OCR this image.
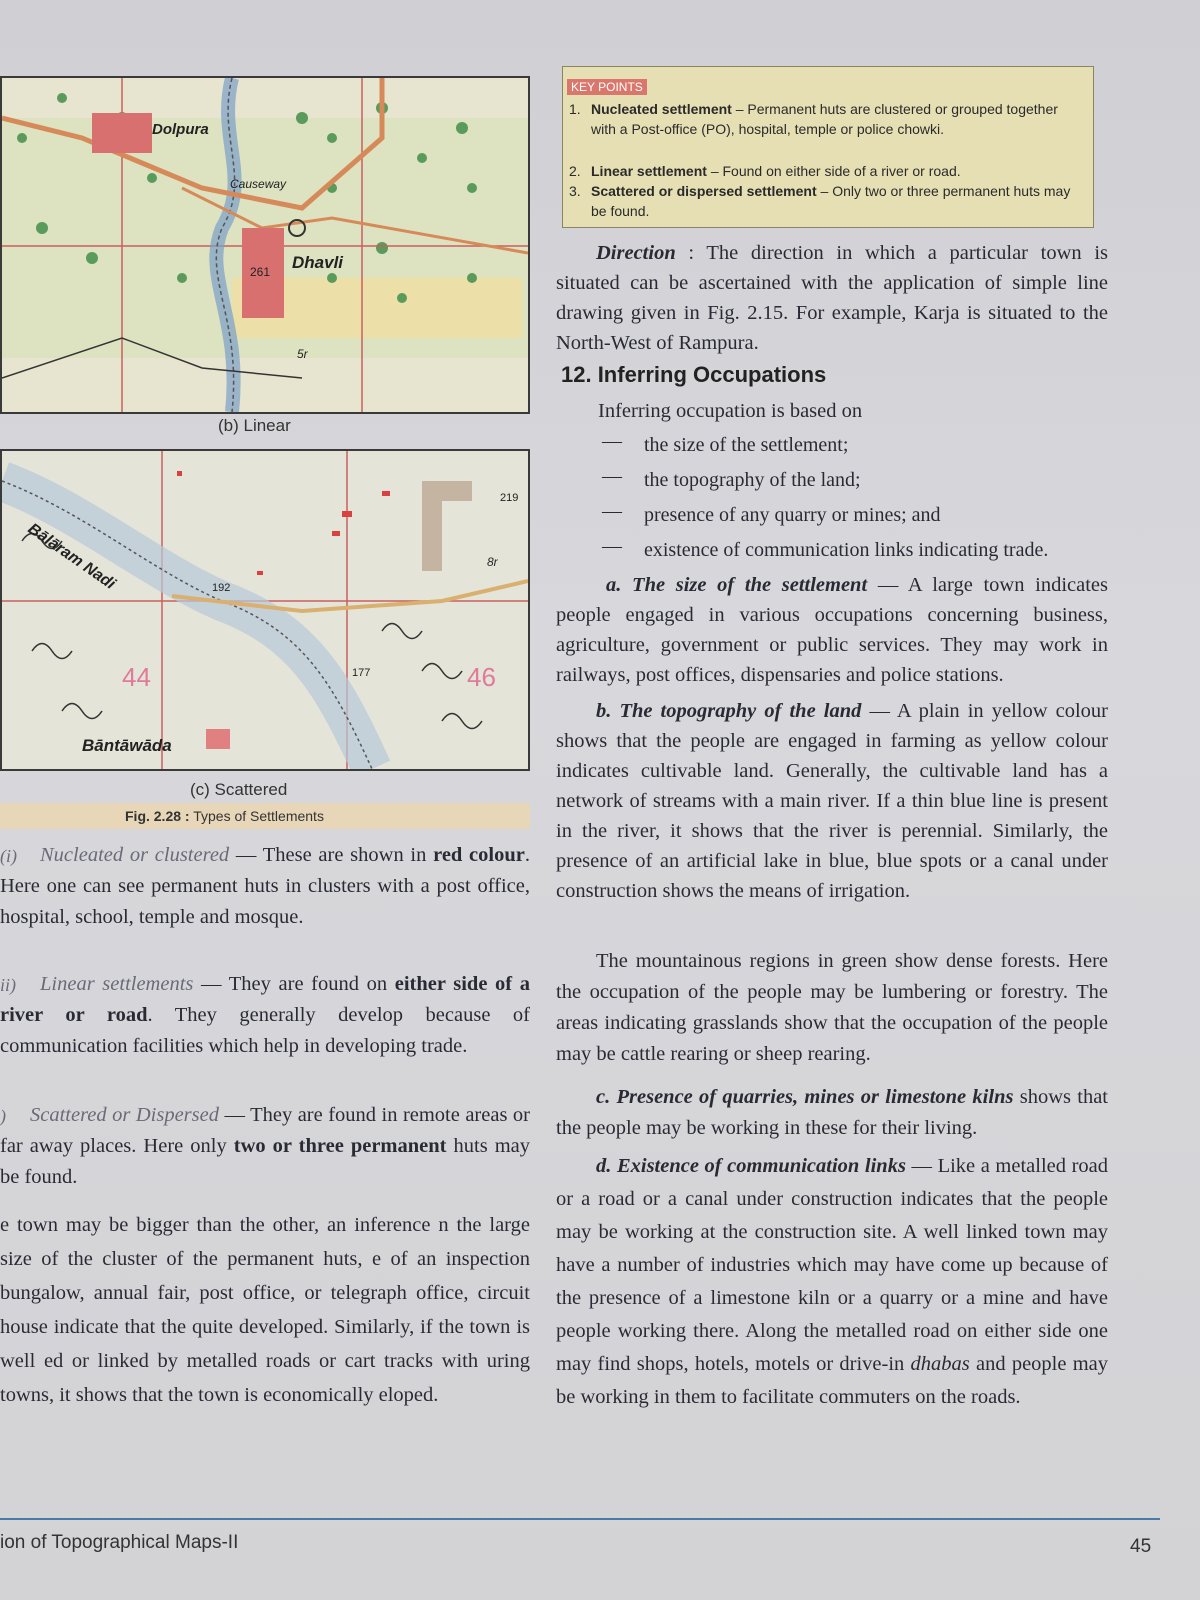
Dolpura
Causeway
Dhavli
261
5r
(b) Linear
Bālāram Nadi
Bāntāwāda
44	46
219
8r
192
177
(c) Scattered
Fig. 2.28 : Types of Settlements
(i)	Nucleated or clustered — These are shown in red colour. Here one can see permanent huts in clusters with a post office, hospital, school, temple and mosque.
ii)	Linear settlements — They are found on either side of a river or road. They generally develop because of communication facilities which help in developing trade.
)	Scattered or Dispersed — They are found in remote areas or far away places. Here only two or three permanent huts may be found.
e town may be bigger than the other, an inference n the large size of the cluster of the permanent huts, e of an inspection bungalow, annual fair, post office, or telegraph office, circuit house indicate that the quite developed. Similarly, if the town is well ed or linked by metalled roads or cart tracks with uring towns, it shows that the town is economically eloped.
KEY POINTS
1. Nucleated settlement – Permanent huts are clustered or grouped together with a Post-office (PO), hospital, temple or police chowki.
2. Linear settlement – Found on either side of a river or road.
3. Scattered or dispersed settlement – Only two or three permanent huts may be found.
Direction : The direction in which a particular town is situated can be ascertained with the application of simple line drawing given in Fig. 2.15. For example, Karja is situated to the North-West of Rampura.
12. Inferring Occupations
Inferring occupation is based on
— the size of the settlement;
— the topography of the land;
— presence of any quarry or mines; and
— existence of communication links indicating trade.
a. The size of the settlement — A large town indicates people engaged in various occupations concerning business, agriculture, government or public services. They may work in railways, post offices, dispensaries and police stations.
b. The topography of the land — A plain in yellow colour shows that the people are engaged in farming as yellow colour indicates cultivable land. Generally, the cultivable land has a network of streams with a main river. If a thin blue line is present in the river, it shows that the river is perennial. Similarly, the presence of an artificial lake in blue, blue spots or a canal under construction shows the means of irrigation.
The mountainous regions in green show dense forests. Here the occupation of the people may be lumbering or forestry. The areas indicating grasslands show that the occupation of the people may be cattle rearing or sheep rearing.
c. Presence of quarries, mines or limestone kilns shows that the people may be working in these for their living.
d. Existence of communication links — Like a metalled road or a road or a canal under construction indicates that the people may be working at the construction site. A well linked town may have a number of industries which may have come up because of the presence of a limestone kiln or a quarry or a mine and have people working there. Along the metalled road on either side one may find shops, hotels, motels or drive-in dhabas and people may be working in them to facilitate commuters on the roads.
ion of Topographical Maps-II	45
